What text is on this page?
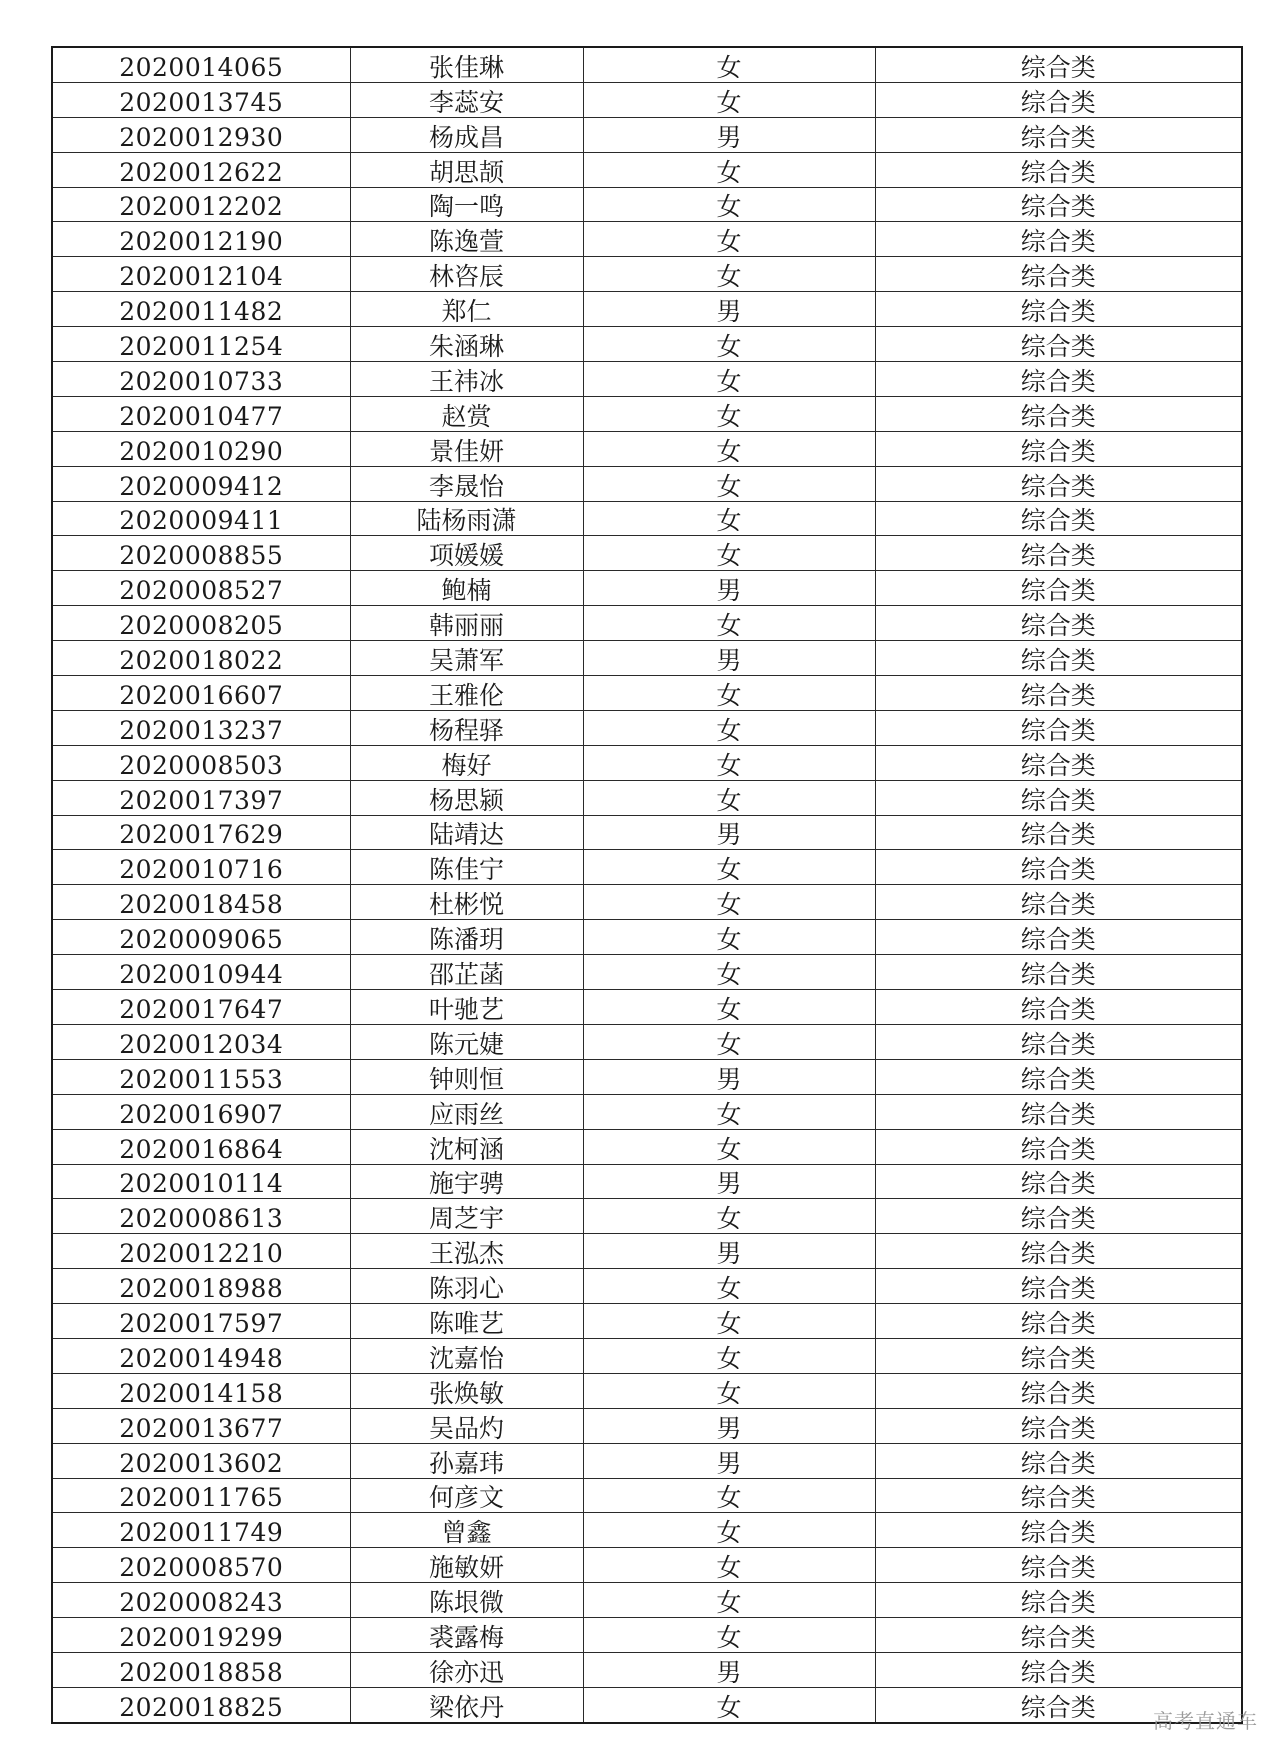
2020014065	张佳琳	女	综合类
2020013745	李蕊安	女	综合类
2020012930	杨成昌	男	综合类
2020012622	胡思颉	女	综合类
2020012202	陶一鸣	女	综合类
2020012190	陈逸萱	女	综合类
2020012104	林咨辰	女	综合类
2020011482	郑仁	男	综合类
2020011254	朱涵琳	女	综合类
2020010733	王祎冰	女	综合类
2020010477	赵赏	女	综合类
2020010290	景佳妍	女	综合类
2020009412	李晟怡	女	综合类
2020009411	陆杨雨潇	女	综合类
2020008855	项媛媛	女	综合类
2020008527	鲍楠	男	综合类
2020008205	韩丽丽	女	综合类
2020018022	吴萧军	男	综合类
2020016607	王雅伦	女	综合类
2020013237	杨程驿	女	综合类
2020008503	梅好	女	综合类
2020017397	杨思颍	女	综合类
2020017629	陆靖达	男	综合类
2020010716	陈佳宁	女	综合类
2020018458	杜彬悦	女	综合类
2020009065	陈潘玥	女	综合类
2020010944	邵芷菡	女	综合类
2020017647	叶驰艺	女	综合类
2020012034	陈元婕	女	综合类
2020011553	钟则恒	男	综合类
2020016907	应雨丝	女	综合类
2020016864	沈柯涵	女	综合类
2020010114	施宇骋	男	综合类
2020008613	周芝宇	女	综合类
2020012210	王泓杰	男	综合类
2020018988	陈羽心	女	综合类
2020017597	陈唯艺	女	综合类
2020014948	沈嘉怡	女	综合类
2020014158	张焕敏	女	综合类
2020013677	吴品灼	男	综合类
2020013602	孙嘉玮	男	综合类
2020011765	何彦文	女	综合类
2020011749	曾鑫	女	综合类
2020008570	施敏妍	女	综合类
2020008243	陈垠微	女	综合类
2020019299	裘露梅	女	综合类
2020018858	徐亦迅	男	综合类
2020018825	梁依丹	女	综合类	高考直通车
